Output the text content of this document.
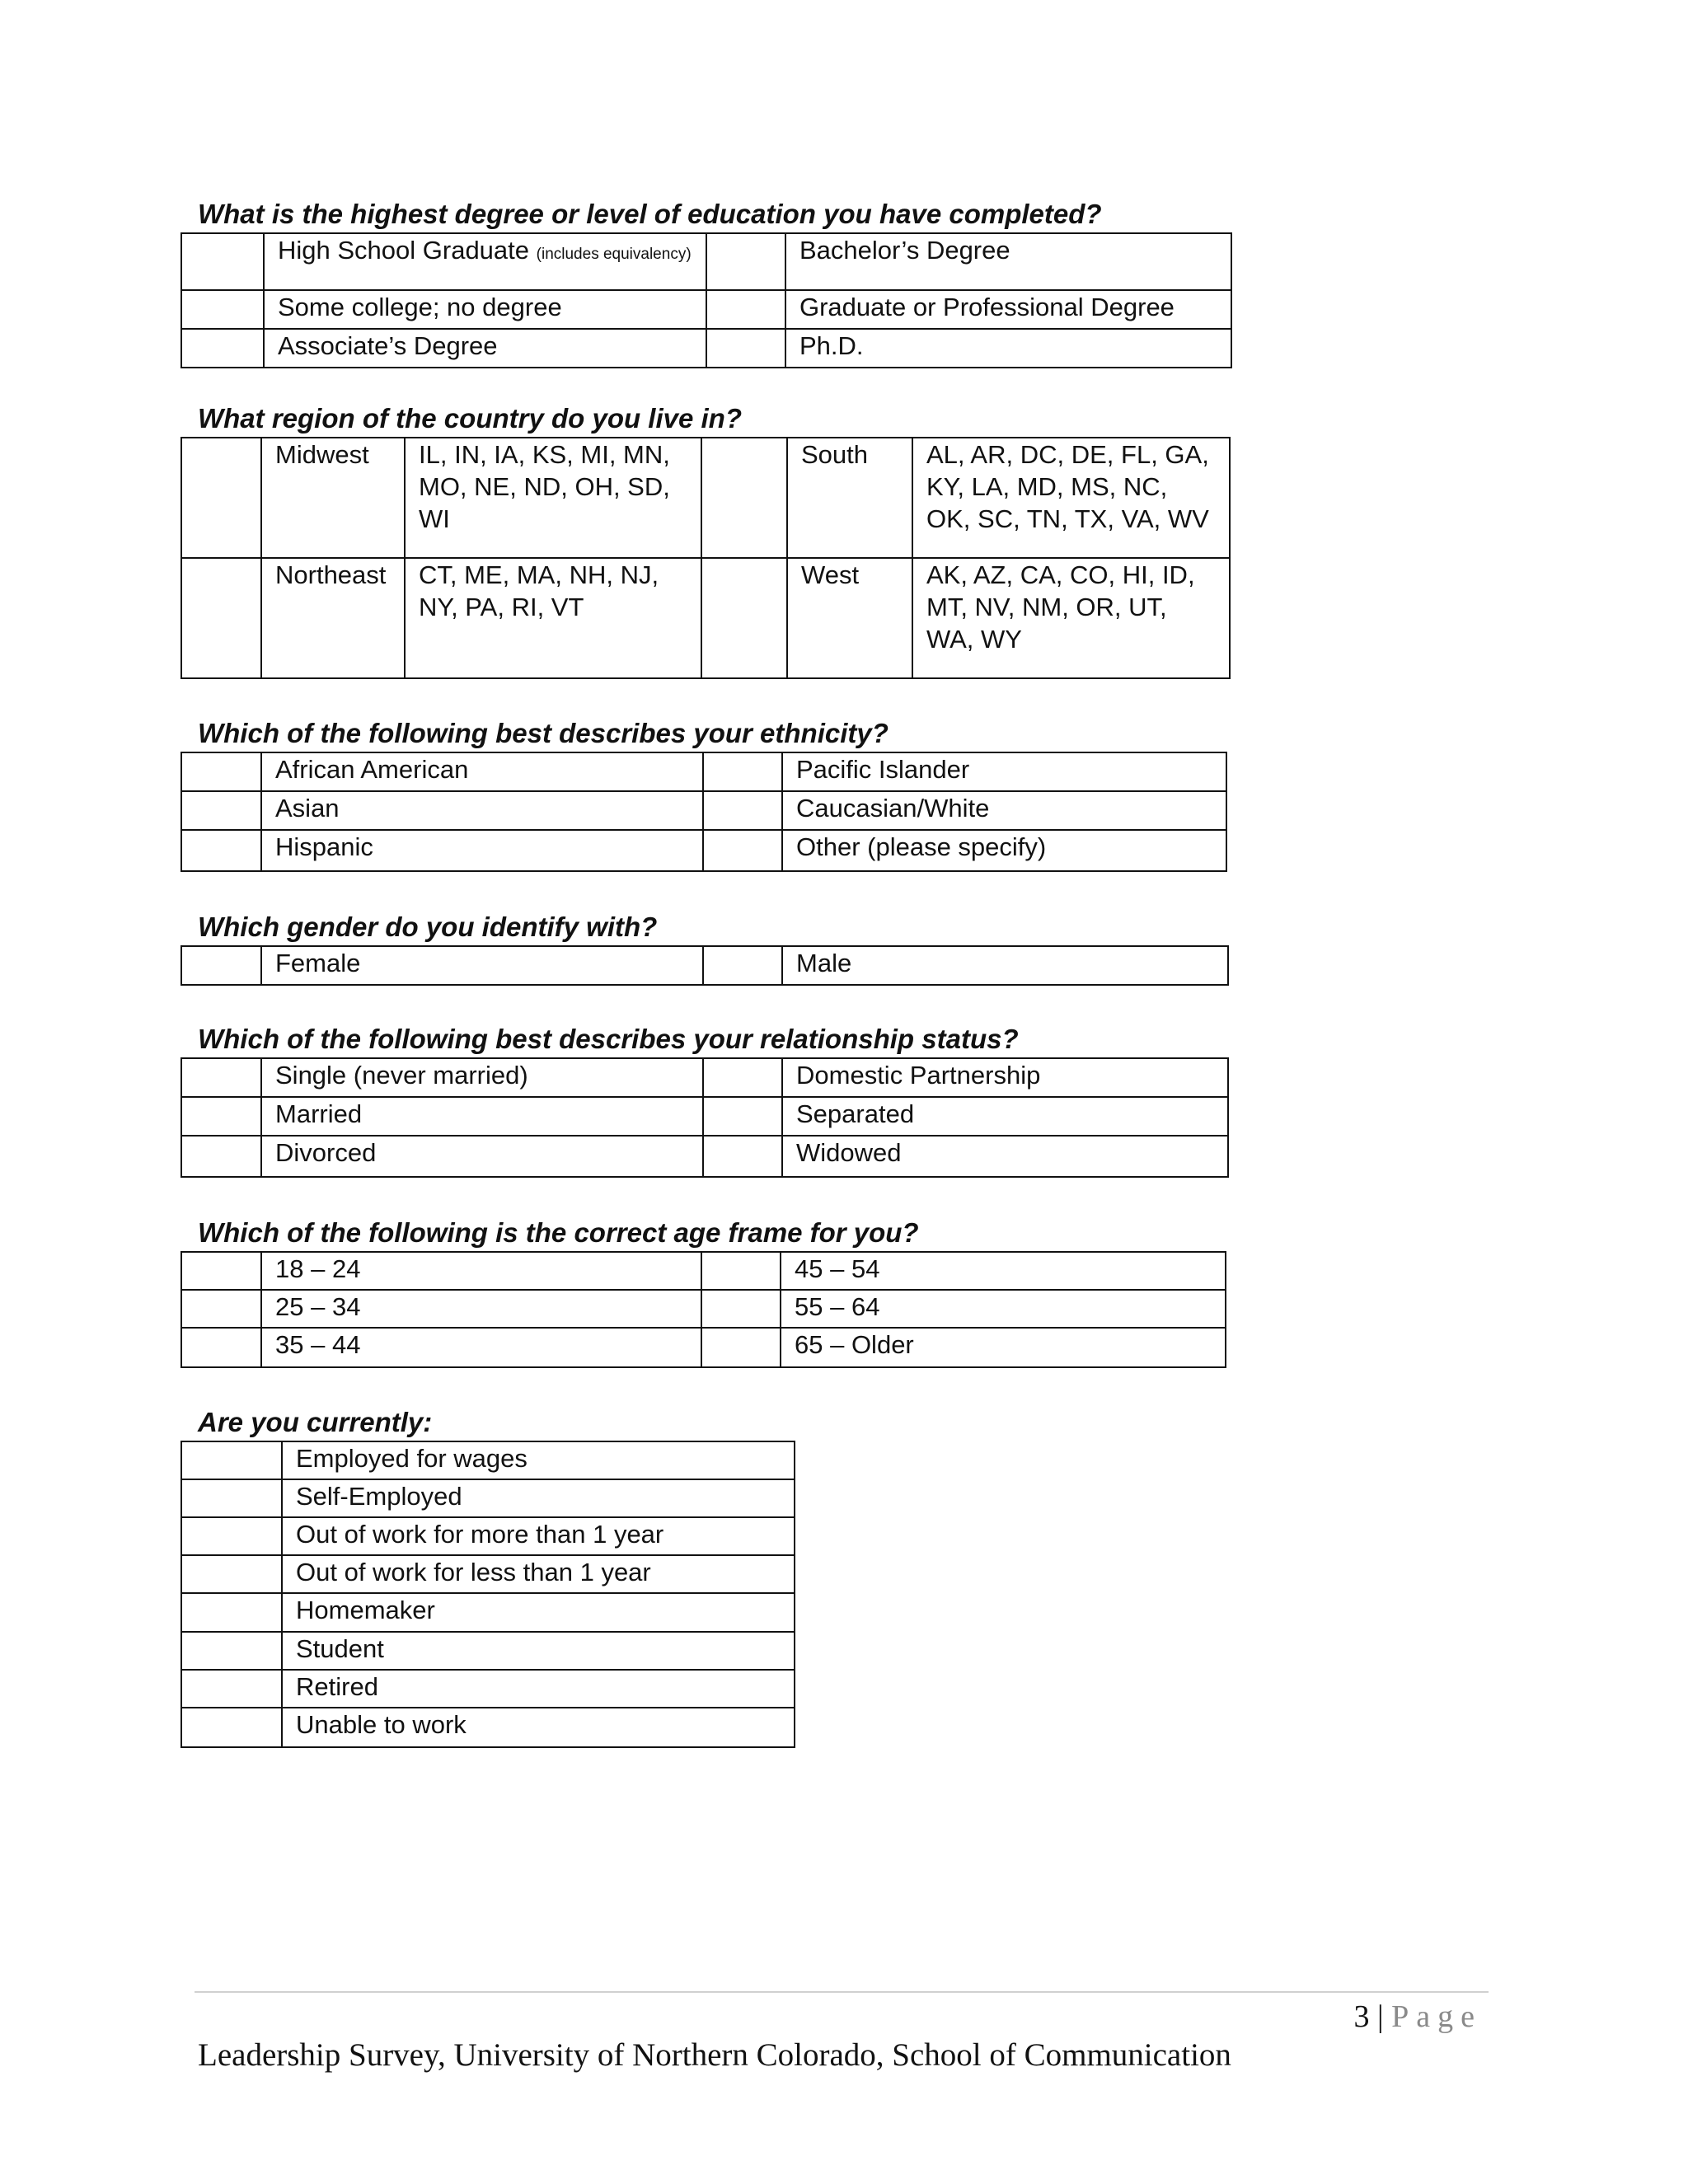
What is the highest degree or level of education you have completed?

	High School Graduate (includes equivalency)		Bachelor’s Degree
	Some college; no degree		Graduate or Professional Degree
	Associate’s Degree		Ph.D.

What region of the country do you live in?

	Midwest	IL, IN, IA, KS, MI, MN, MO, NE, ND, OH, SD, WI		South	AL, AR, DC, DE, FL, GA, KY, LA, MD, MS, NC, OK, SC, TN, TX, VA, WV
	Northeast	CT, ME, MA, NH, NJ, NY, PA, RI, VT		West	AK, AZ, CA, CO, HI, ID, MT, NV, NM, OR, UT, WA, WY

Which of the following best describes your ethnicity?

	African American		Pacific Islander
	Asian		Caucasian/White
	Hispanic		Other (please specify)

Which gender do you identify with?

	Female		Male

Which of the following best describes your relationship status?

	Single (never married)		Domestic Partnership
	Married		Separated
	Divorced		Widowed

Which of the following is the correct age frame for you?

	18 – 24		45 – 54
	25 – 34		55 – 64
	35 – 44		65 – Older

Are you currently:

	Employed for wages
	Self-Employed
	Out of work for more than 1 year
	Out of work for less than 1 year
	Homemaker
	Student
	Retired
	Unable to work
3 | Page
Leadership Survey, University of Northern Colorado, School of Communication
